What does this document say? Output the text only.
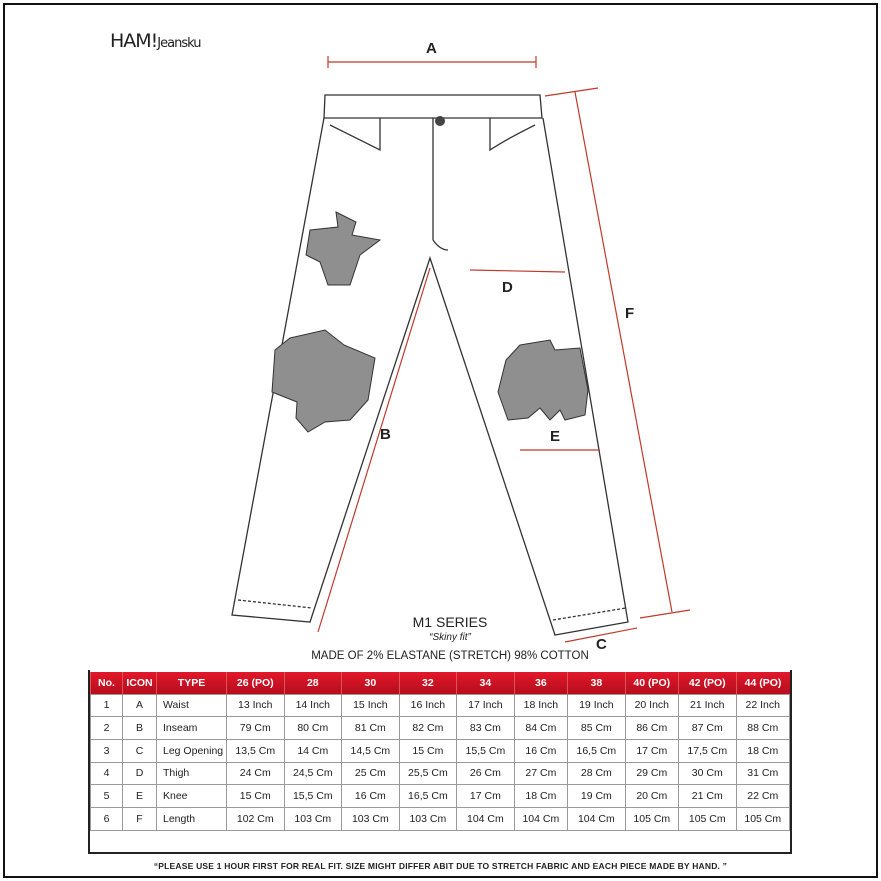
HAM!Jeansku	A
B
C
D
E
F
M1 SERIES
“Skiny fit”
MADE OF 2% ELASTANE (STRETCH) 98% COTTON
No.	ICON	TYPE	26 (PO)	28	30	32	34	36	38	40 (PO)	42 (PO)	44 (PO)
1	A	Waist	13 Inch	14 Inch	15 Inch	16 Inch	17 Inch	18 Inch	19 Inch	20 Inch	21 Inch	22 Inch
2	B	Inseam	79 Cm	80 Cm	81 Cm	82 Cm	83 Cm	84 Cm	85 Cm	86 Cm	87 Cm	88 Cm
3	C	Leg Opening	13,5 Cm	14 Cm	14,5 Cm	15 Cm	15,5 Cm	16 Cm	16,5 Cm	17 Cm	17,5 Cm	18 Cm
4	D	Thigh	24 Cm	24,5 Cm	25 Cm	25,5 Cm	26 Cm	27 Cm	28 Cm	29 Cm	30 Cm	31 Cm
5	E	Knee	15 Cm	15,5 Cm	16 Cm	16,5 Cm	17 Cm	18 Cm	19 Cm	20 Cm	21 Cm	22 Cm
6	F	Length	102 Cm	103 Cm	103 Cm	103 Cm	104 Cm	104 Cm	104 Cm	105 Cm	105 Cm	105 Cm
“PLEASE USE 1 HOUR FIRST FOR REAL FIT. SIZE MIGHT DIFFER ABIT DUE TO STRETCH FABRIC AND EACH PIECE MADE BY HAND. ”
